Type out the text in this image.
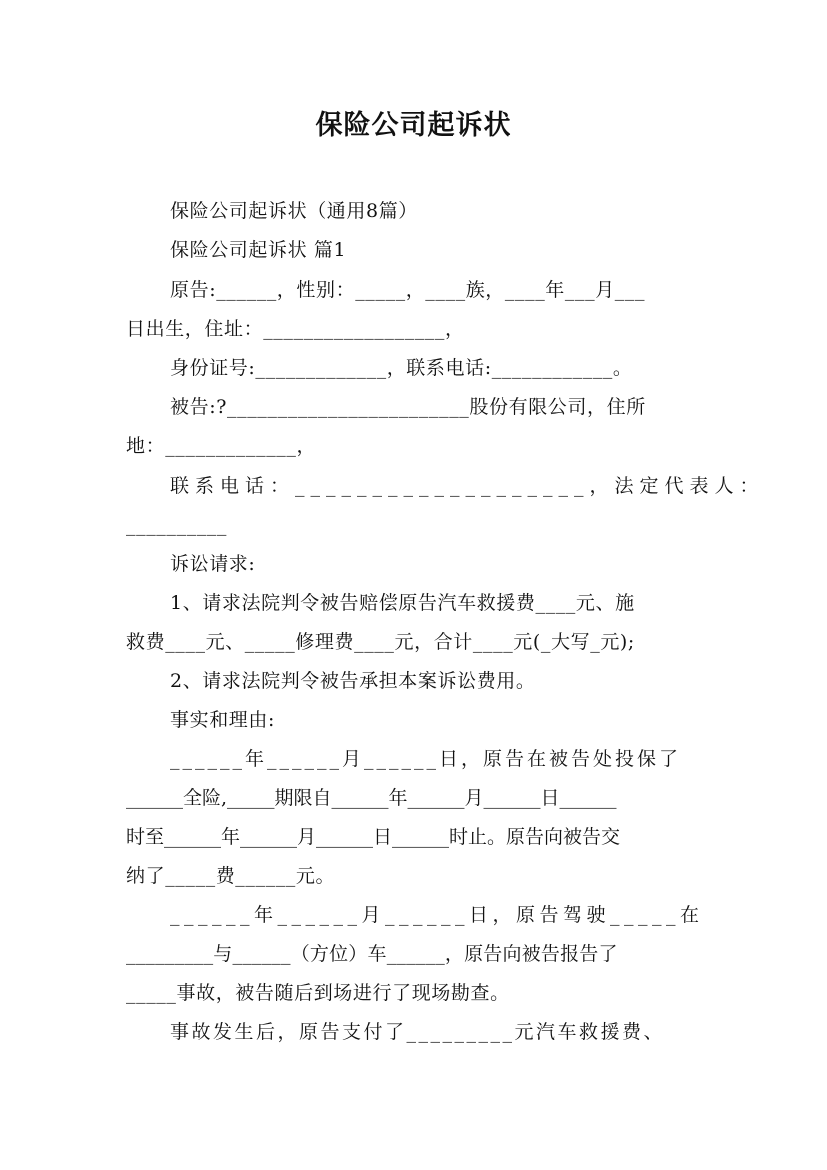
保险公司起诉状
保险公司起诉状（通用8篇）
保险公司起诉状 篇1
原告:______，性别：_____，____族，____年___月___
日出生，住址：__________________，
身份证号:_____________，联系电话:____________。
被告:?________________________股份有限公司，住所
地：_____________，
联系电话：___________________，法定代表人：
__________
诉讼请求:
1、请求法院判令被告赔偿原告汽车救援费____元、施
救费____元、_____修理费____元，合计____元(_大写_元);
2、请求法院判令被告承担本案诉讼费用。
事实和理由:
______年______月______日，原告在被告处投保了
______全险,_____期限自______年______月______日______
时至______年______月______日______时止。原告向被告交
纳了_____费______元。
______年______月______日，原告驾驶_____在
_________与______（方位）车______，原告向被告报告了
_____事故，被告随后到场进行了现场勘查。
事故发生后，原告支付了_________元汽车救援费、
